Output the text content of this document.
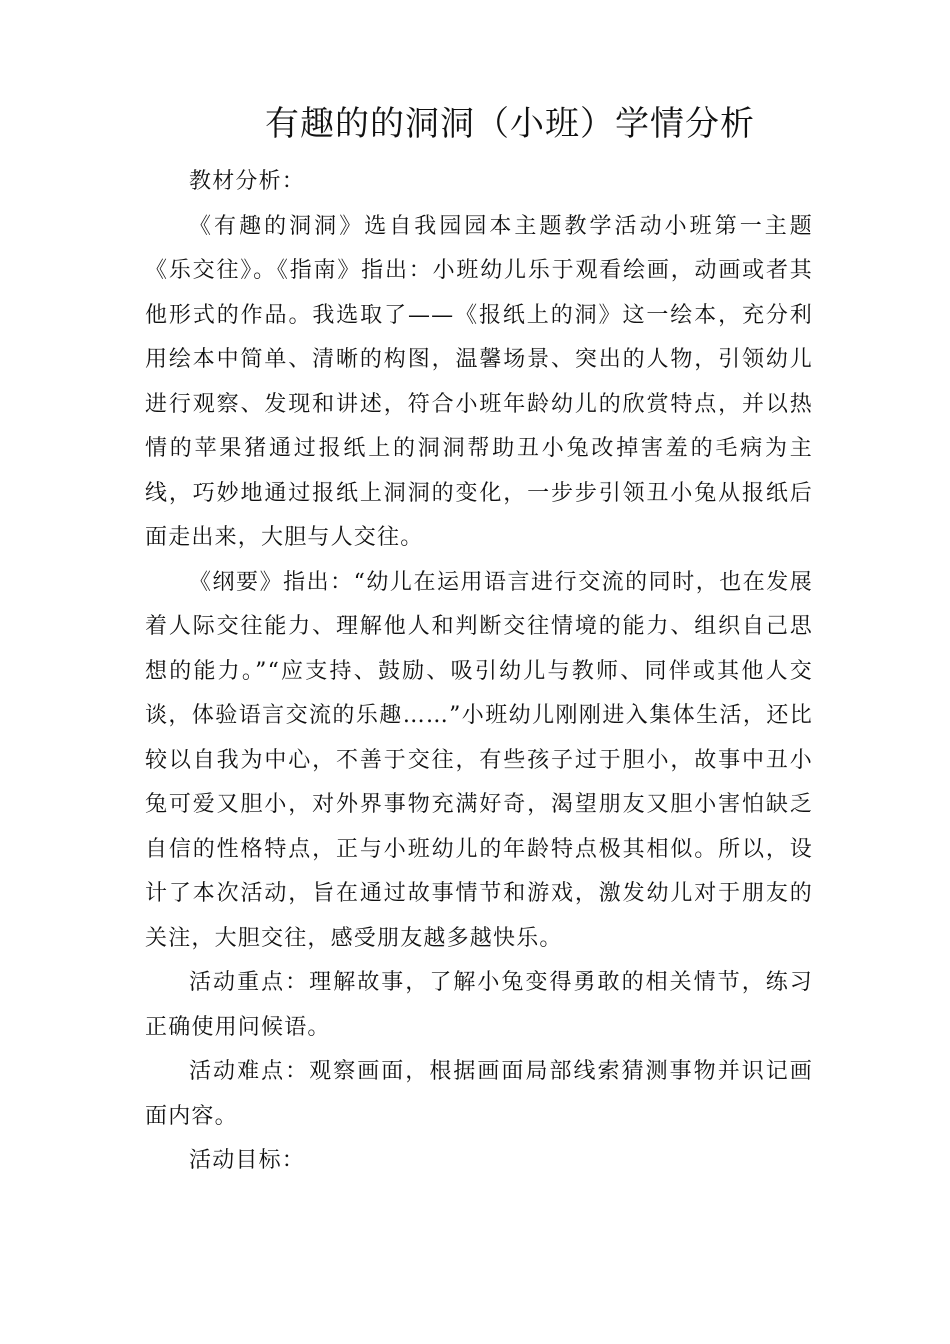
有趣的的洞洞（小班）学情分析

教材分析：

《有趣的洞洞》选自我园园本主题教学活动小班第一主题《乐交往》。《指南》指出：小班幼儿乐于观看绘画，动画或者其他形式的作品。我选取了——《报纸上的洞》这一绘本，充分利用绘本中简单、清晰的构图，温馨场景、突出的人物，引领幼儿进行观察、发现和讲述，符合小班年龄幼儿的欣赏特点，并以热情的苹果猪通过报纸上的洞洞帮助丑小兔改掉害羞的毛病为主线，巧妙地通过报纸上洞洞的变化，一步步引领丑小兔从报纸后面走出来，大胆与人交往。

《纲要》指出：“幼儿在运用语言进行交流的同时，也在发展着人际交往能力、理解他人和判断交往情境的能力、组织自己思想的能力。”“应支持、鼓励、吸引幼儿与教师、同伴或其他人交谈，体验语言交流的乐趣……”小班幼儿刚刚进入集体生活，还比较以自我为中心，不善于交往，有些孩子过于胆小，故事中丑小兔可爱又胆小，对外界事物充满好奇，渴望朋友又胆小害怕缺乏自信的性格特点，正与小班幼儿的年龄特点极其相似。所以，设计了本次活动，旨在通过故事情节和游戏，激发幼儿对于朋友的关注，大胆交往，感受朋友越多越快乐。

活动重点：理解故事，了解小兔变得勇敢的相关情节，练习正确使用问候语。

活动难点：观察画面，根据画面局部线索猜测事物并识记画面内容。

活动目标：
